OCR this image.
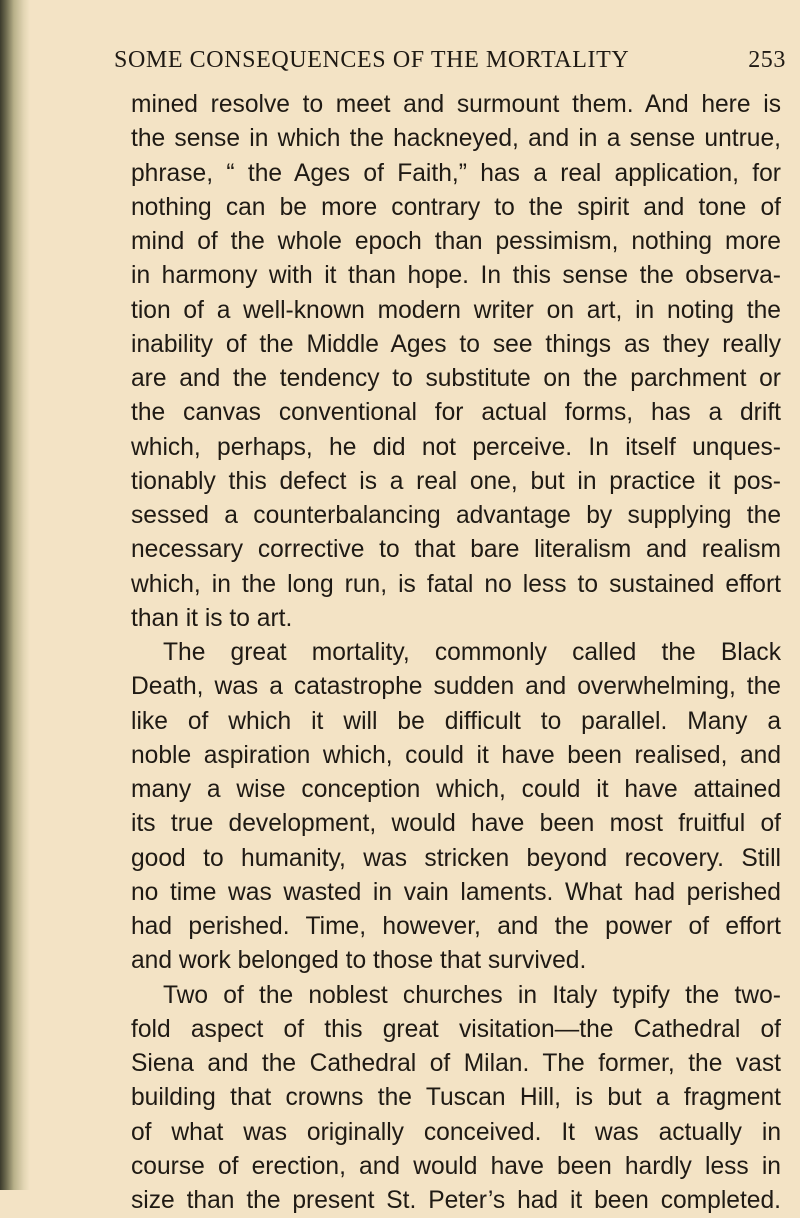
SOME CONSEQUENCES OF THE MORTALITY	253
mined resolve to meet and surmount them. And here is
the sense in which the hackneyed, and in a sense untrue,
phrase, “ the Ages of Faith,” has a real application, for
nothing can be more contrary to the spirit and tone of
mind of the whole epoch than pessimism, nothing more
in harmony with it than hope. In this sense the observa-
tion of a well-known modern writer on art, in noting the
inability of the Middle Ages to see things as they really
are and the tendency to substitute on the parchment or
the canvas conventional for actual forms, has a drift
which, perhaps, he did not perceive. In itself unques-
tionably this defect is a real one, but in practice it pos-
sessed a counterbalancing advantage by supplying the
necessary corrective to that bare literalism and realism
which, in the long run, is fatal no less to sustained effort
than it is to art.
The great mortality, commonly called the Black
Death, was a catastrophe sudden and overwhelming, the
like of which it will be difficult to parallel. Many a
noble aspiration which, could it have been realised, and
many a wise conception which, could it have attained
its true development, would have been most fruitful of
good to humanity, was stricken beyond recovery. Still
no time was wasted in vain laments. What had perished
had perished. Time, however, and the power of effort
and work belonged to those that survived.
Two of the noblest churches in Italy typify the two-
fold aspect of this great visitation—the Cathedral of
Siena and the Cathedral of Milan. The former, the vast
building that crowns the Tuscan Hill, is but a fragment
of what was originally conceived. It was actually in
course of erection, and would have been hardly less in
size than the present St. Peter’s had it been completed.
